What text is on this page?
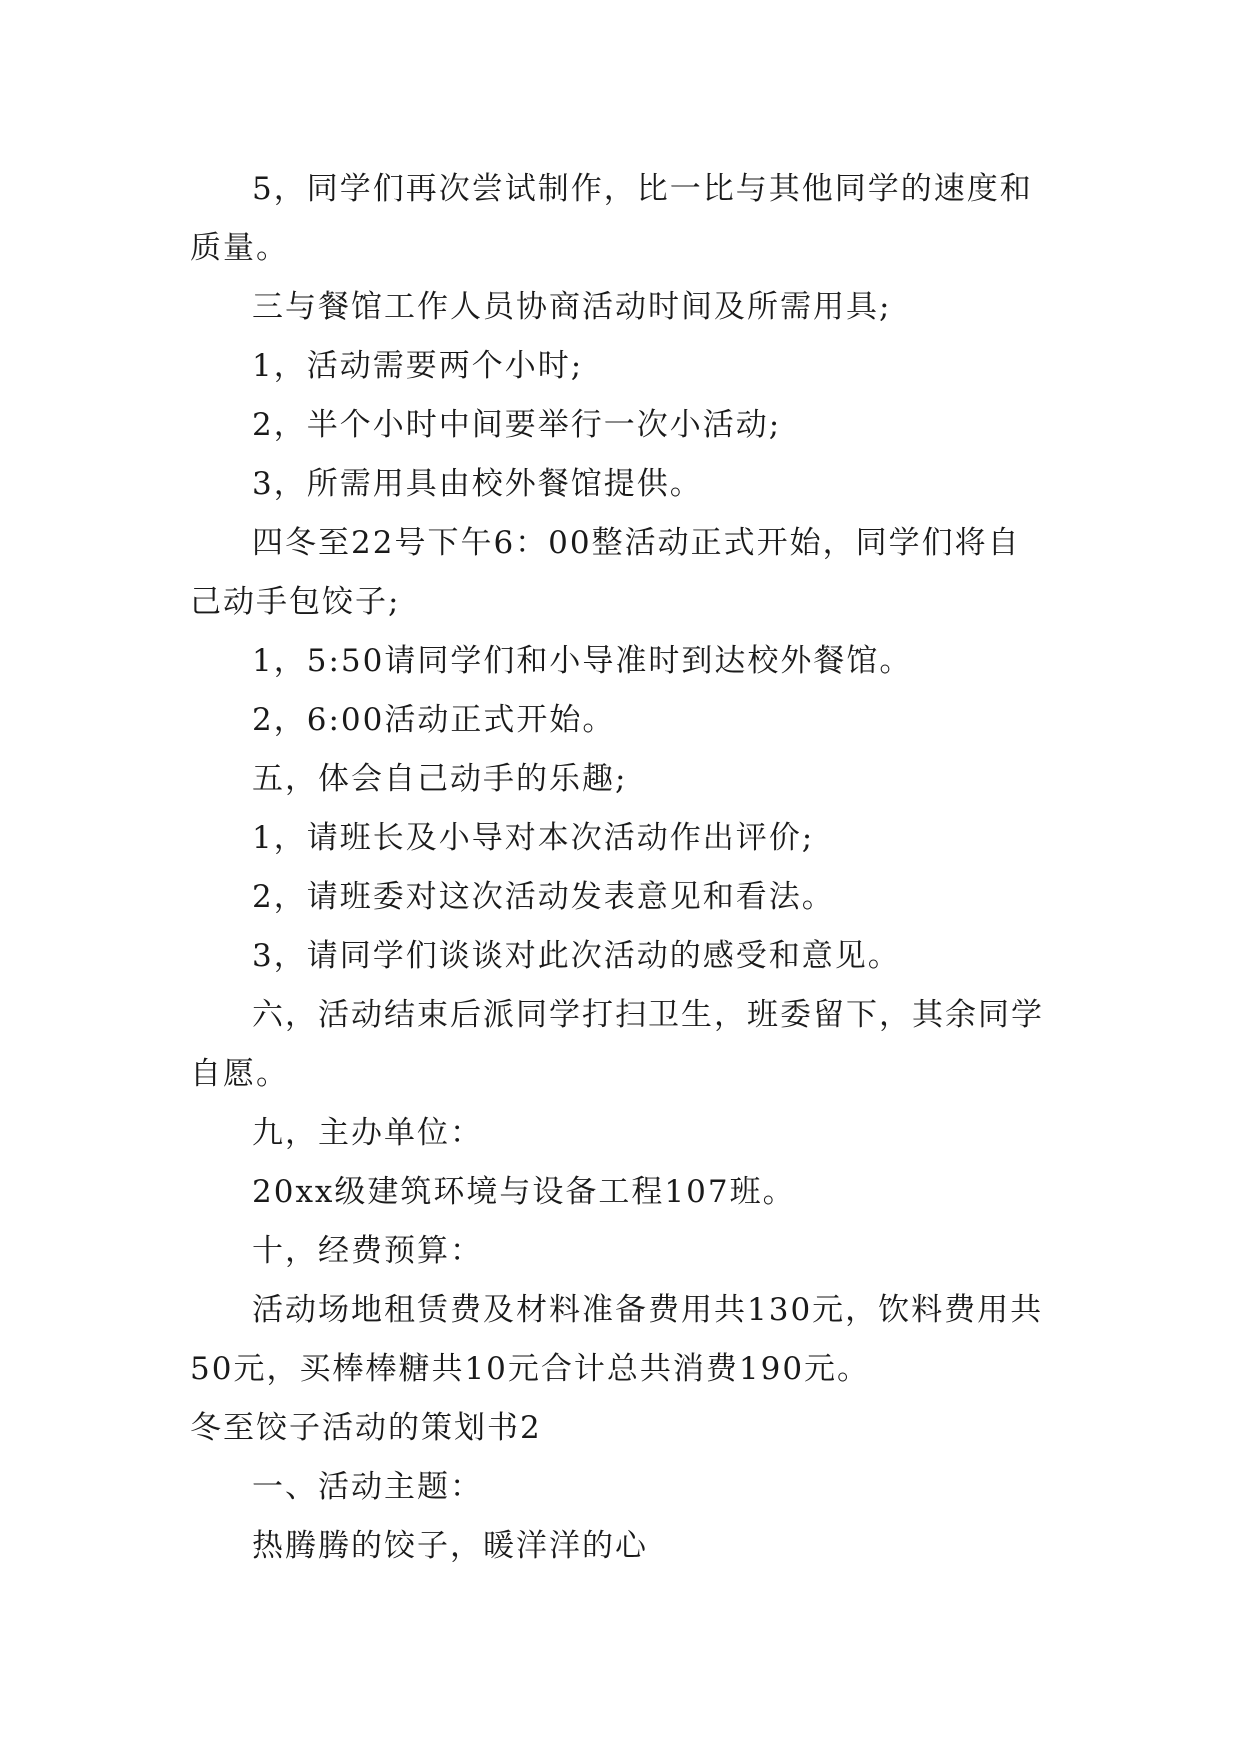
5，同学们再次尝试制作，比一比与其他同学的速度和质量。

三与餐馆工作人员协商活动时间及所需用具;

1，活动需要两个小时;

2，半个小时中间要举行一次小活动;

3，所需用具由校外餐馆提供。

四冬至22号下午6：00整活动正式开始，同学们将自己动手包饺子;

1，5:50请同学们和小导准时到达校外餐馆。

2，6:00活动正式开始。

五，体会自己动手的乐趣;

1，请班长及小导对本次活动作出评价;

2，请班委对这次活动发表意见和看法。

3，请同学们谈谈对此次活动的感受和意见。

六，活动结束后派同学打扫卫生，班委留下，其余同学自愿。

九，主办单位：

20xx级建筑环境与设备工程107班。

十，经费预算：

活动场地租赁费及材料准备费用共130元，饮料费用共50元，买棒棒糖共10元合计总共消费190元。

冬至饺子活动的策划书2

一、活动主题：

热腾腾的饺子，暖洋洋的心
